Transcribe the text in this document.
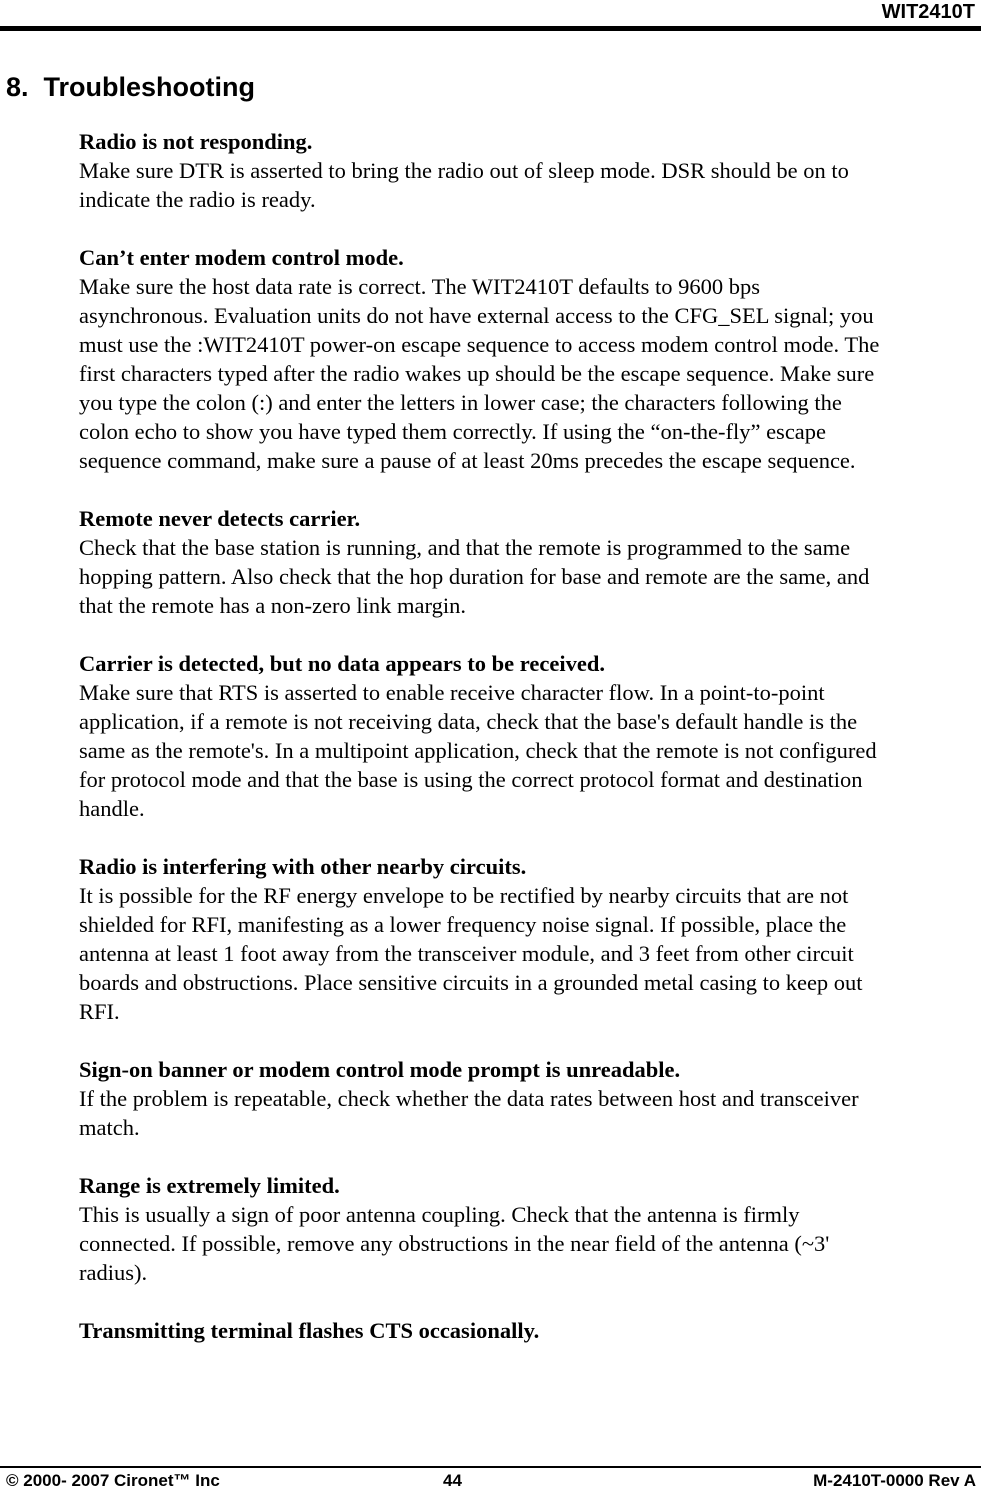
WIT2410T
8.  Troubleshooting

Radio is not responding.

Make sure DTR is asserted to bring the radio out of sleep mode. DSR should be on to
indicate the radio is ready.

Can’t enter modem control mode.

Make sure the host data rate is correct. The WIT2410T defaults to 9600 bps
asynchronous. Evaluation units do not have external access to the CFG_SEL signal; you
must use the :WIT2410T power-on escape sequence to access modem control mode. The
first characters typed after the radio wakes up should be the escape sequence. Make sure
you type the colon (:) and enter the letters in lower case; the characters following the
colon echo to show you have typed them correctly. If using the “on-the-fly” escape
sequence command, make sure a pause of at least 20ms precedes the escape sequence.

Remote never detects carrier.

Check that the base station is running, and that the remote is programmed to the same
hopping pattern. Also check that the hop duration for base and remote are the same, and
that the remote has a non-zero link margin.

Carrier is detected, but no data appears to be received.

Make sure that RTS is asserted to enable receive character flow. In a point-to-point
application, if a remote is not receiving data, check that the base's default handle is the
same as the remote's. In a multipoint application, check that the remote is not configured
for protocol mode and that the base is using the correct protocol format and destination
handle.

Radio is interfering with other nearby circuits.

It is possible for the RF energy envelope to be rectified by nearby circuits that are not
shielded for RFI, manifesting as a lower frequency noise signal. If possible, place the
antenna at least 1 foot away from the transceiver module, and 3 feet from other circuit
boards and obstructions. Place sensitive circuits in a grounded metal casing to keep out
RFI.

Sign-on banner or modem control mode prompt is unreadable.

If the problem is repeatable, check whether the data rates between host and transceiver
match.

Range is extremely limited.

This is usually a sign of poor antenna coupling. Check that the antenna is firmly
connected. If possible, remove any obstructions in the near field of the antenna (~3'
radius).

Transmitting terminal flashes CTS occasionally.

© 2000- 2007 Cironet™ Inc	44	M-2410T-0000 Rev A
